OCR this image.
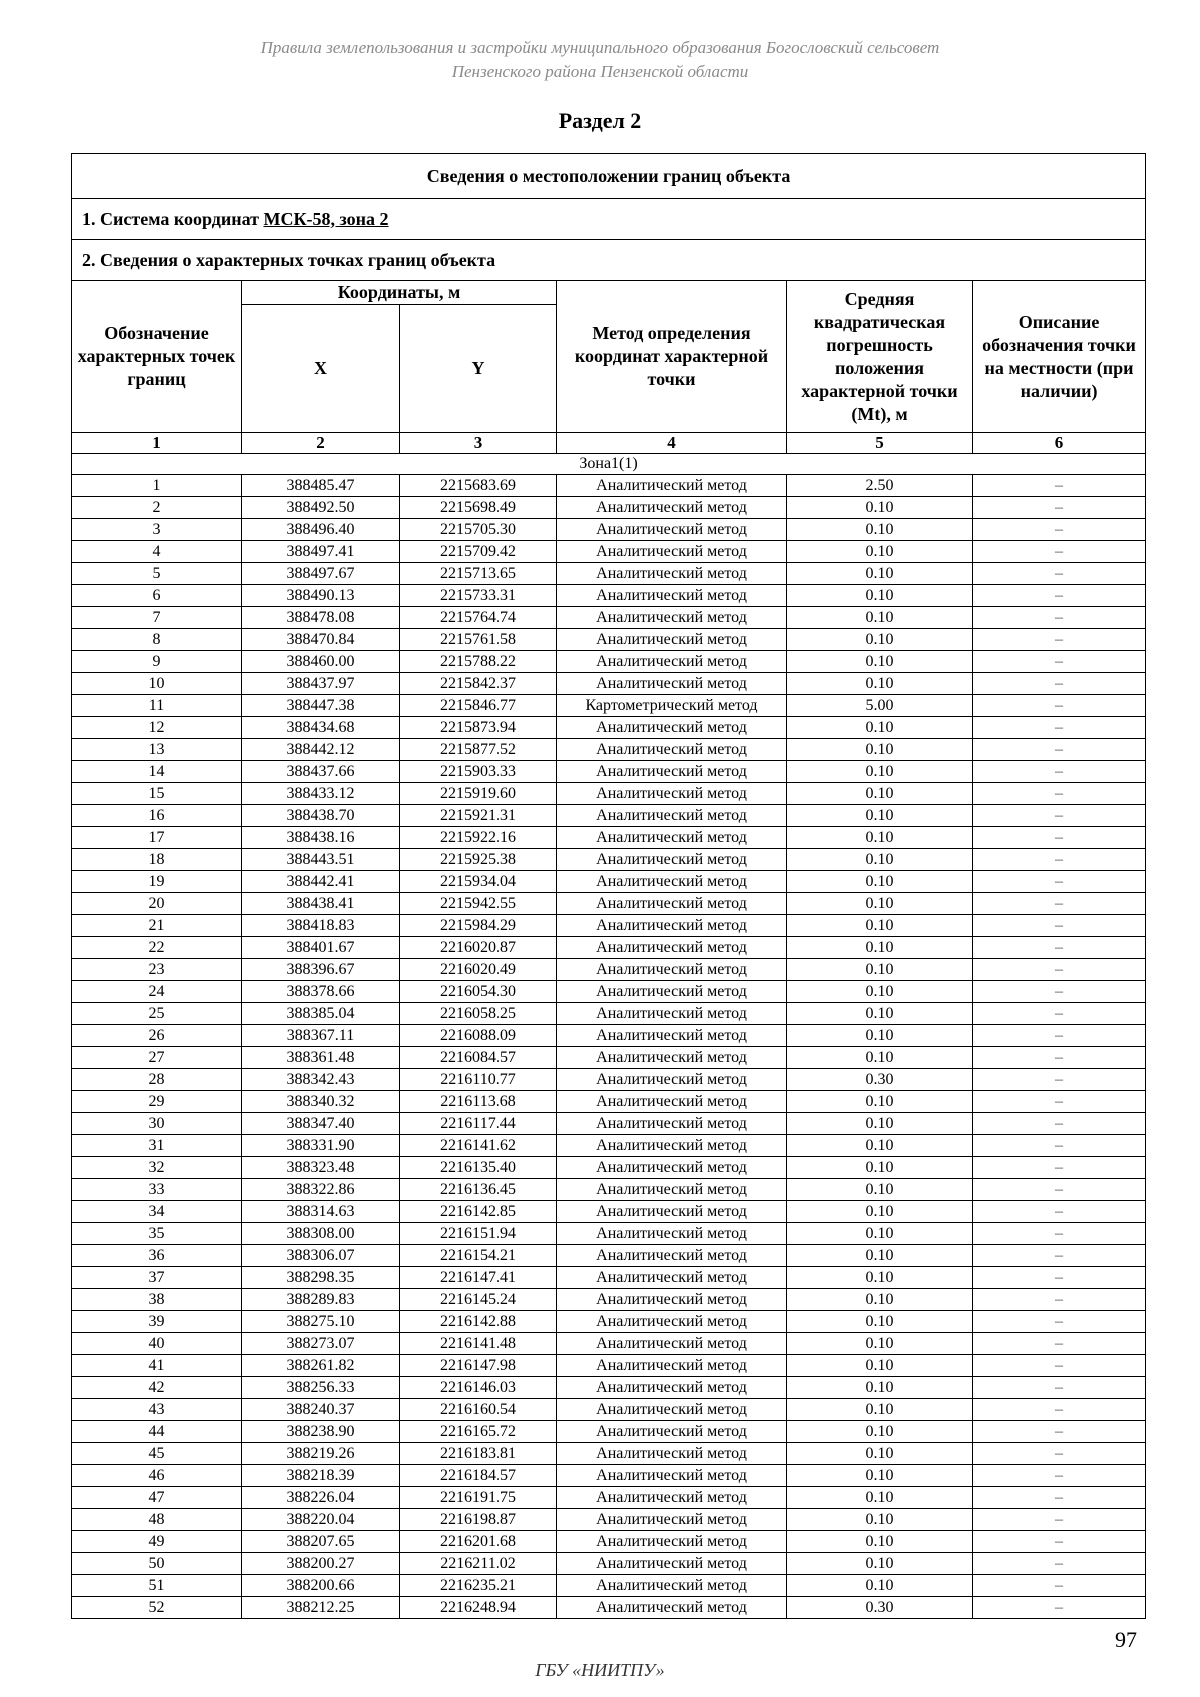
Правила землепользования и застройки муниципального образования Богословский сельсовет
Пензенского района Пензенской области
Раздел 2
Сведения о местоположении границ объекта					
1. Система координат МСК-58, зона 2					
2. Сведения о характерных точках границ объекта					
Обозначение характерных точек границ	Координаты, м		Метод определения координат характерной точки	Средняя квадратическая погрешность положения характерной точки (Mt), м	Описание обозначения точки на местности (при наличии)
	X	Y			
1	2	3	4	5	6
Зона1(1)					
1	388485.47	2215683.69	Аналитический метод	2.50	–
2	388492.50	2215698.49	Аналитический метод	0.10	–
3	388496.40	2215705.30	Аналитический метод	0.10	–
4	388497.41	2215709.42	Аналитический метод	0.10	–
5	388497.67	2215713.65	Аналитический метод	0.10	–
6	388490.13	2215733.31	Аналитический метод	0.10	–
7	388478.08	2215764.74	Аналитический метод	0.10	–
8	388470.84	2215761.58	Аналитический метод	0.10	–
9	388460.00	2215788.22	Аналитический метод	0.10	–
10	388437.97	2215842.37	Аналитический метод	0.10	–
11	388447.38	2215846.77	Картометрический метод	5.00	–
12	388434.68	2215873.94	Аналитический метод	0.10	–
13	388442.12	2215877.52	Аналитический метод	0.10	–
14	388437.66	2215903.33	Аналитический метод	0.10	–
15	388433.12	2215919.60	Аналитический метод	0.10	–
16	388438.70	2215921.31	Аналитический метод	0.10	–
17	388438.16	2215922.16	Аналитический метод	0.10	–
18	388443.51	2215925.38	Аналитический метод	0.10	–
19	388442.41	2215934.04	Аналитический метод	0.10	–
20	388438.41	2215942.55	Аналитический метод	0.10	–
21	388418.83	2215984.29	Аналитический метод	0.10	–
22	388401.67	2216020.87	Аналитический метод	0.10	–
23	388396.67	2216020.49	Аналитический метод	0.10	–
24	388378.66	2216054.30	Аналитический метод	0.10	–
25	388385.04	2216058.25	Аналитический метод	0.10	–
26	388367.11	2216088.09	Аналитический метод	0.10	–
27	388361.48	2216084.57	Аналитический метод	0.10	–
28	388342.43	2216110.77	Аналитический метод	0.30	–
29	388340.32	2216113.68	Аналитический метод	0.10	–
30	388347.40	2216117.44	Аналитический метод	0.10	–
31	388331.90	2216141.62	Аналитический метод	0.10	–
32	388323.48	2216135.40	Аналитический метод	0.10	–
33	388322.86	2216136.45	Аналитический метод	0.10	–
34	388314.63	2216142.85	Аналитический метод	0.10	–
35	388308.00	2216151.94	Аналитический метод	0.10	–
36	388306.07	2216154.21	Аналитический метод	0.10	–
37	388298.35	2216147.41	Аналитический метод	0.10	–
38	388289.83	2216145.24	Аналитический метод	0.10	–
39	388275.10	2216142.88	Аналитический метод	0.10	–
40	388273.07	2216141.48	Аналитический метод	0.10	–
41	388261.82	2216147.98	Аналитический метод	0.10	–
42	388256.33	2216146.03	Аналитический метод	0.10	–
43	388240.37	2216160.54	Аналитический метод	0.10	–
44	388238.90	2216165.72	Аналитический метод	0.10	–
45	388219.26	2216183.81	Аналитический метод	0.10	–
46	388218.39	2216184.57	Аналитический метод	0.10	–
47	388226.04	2216191.75	Аналитический метод	0.10	–
48	388220.04	2216198.87	Аналитический метод	0.10	–
49	388207.65	2216201.68	Аналитический метод	0.10	–
50	388200.27	2216211.02	Аналитический метод	0.10	–
51	388200.66	2216235.21	Аналитический метод	0.10	–
52	388212.25	2216248.94	Аналитический метод	0.30	–
97
ГБУ «НИИТПУ»
